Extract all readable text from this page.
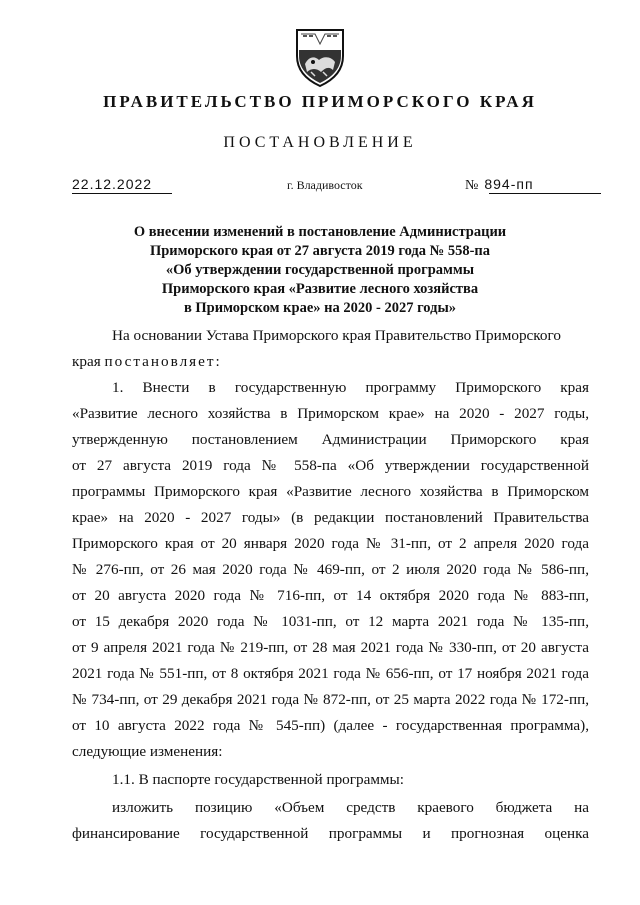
ПРАВИТЕЛЬСТВО ПРИМОРСКОГО КРАЯ
ПОСТАНОВЛЕНИЕ
22.12.2022	г. Владивосток	№ 894-пп
О внесении изменений в постановление Администрации
Приморского края от 27 августа 2019 года № 558-па
«Об утверждении государственной программы
Приморского края «Развитие лесного хозяйства
в Приморском крае» на 2020 - 2027 годы»
На основании Устава Приморского края Правительство Приморского
края постановляет:
1. Внести в государственную программу Приморского края
«Развитие лесного хозяйства в Приморском крае» на 2020 - 2027 годы,
утвержденную постановлением Администрации Приморского края
от 27 августа 2019 года № 558-па «Об утверждении государственной
программы Приморского края «Развитие лесного хозяйства в Приморском
крае» на 2020 - 2027 годы» (в редакции постановлений Правительства
Приморского края от 20 января 2020 года № 31-пп, от 2 апреля 2020 года
№ 276-пп, от 26 мая 2020 года № 469-пп, от 2 июля 2020 года № 586-пп,
от 20 августа 2020 года № 716-пп, от 14 октября 2020 года № 883-пп,
от 15 декабря 2020 года № 1031-пп, от 12 марта 2021 года № 135-пп,
от 9 апреля 2021 года № 219-пп, от 28 мая 2021 года № 330-пп, от 20 августа
2021 года № 551-пп, от 8 октября 2021 года № 656-пп, от 17 ноября 2021 года
№ 734-пп, от 29 декабря 2021 года № 872-пп, от 25 марта 2022 года № 172-пп,
от 10 августа 2022 года № 545-пп) (далее - государственная программа),
следующие изменения:
1.1. В паспорте государственной программы:
изложить позицию «Объем средств краевого бюджета на
финансирование государственной программы и прогнозная оценка
